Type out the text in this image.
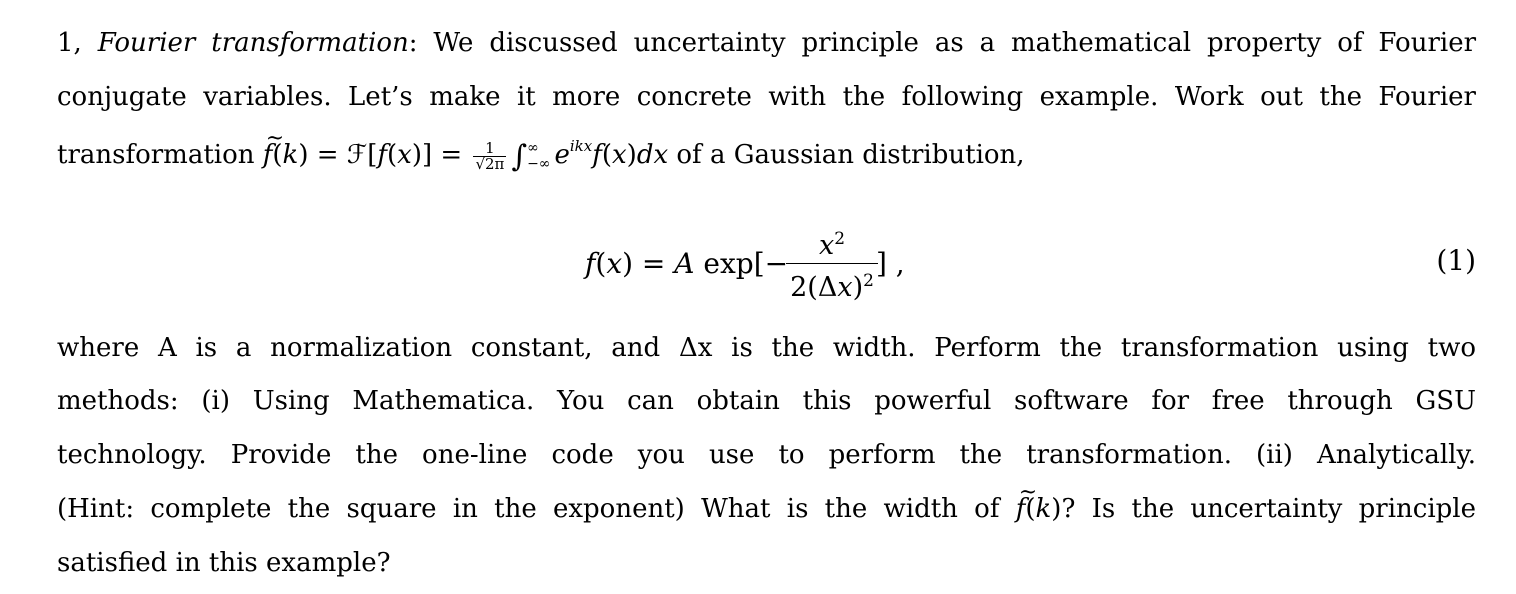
1, Fourier transformation: We discussed uncertainty principle as a mathematical property of Fourier
conjugate variables. Let’s make it more concrete with the following example. Work out the Fourier
transformation ~ f(k) = ℱ[f(x)] = $\frac{1}{√2\pi}$ ∫ ∞
−∞ $e^{ikx}f(x)dx$ of a Gaussian distribution,
f ( x ) = A $\exp[- \frac{x^2}{2(\Delta x)^2}$ ] ,	(1)
where A is a normalization constant, and Δx is the width. Perform the transformation using two
methods: (i) Using Mathematica. You can obtain this powerful software for free through GSU
technology. Provide the one-line code you use to perform the transformation. (ii) Analytically.
(Hint: complete the square in the exponent) What is the width of ~ f(k)? Is the uncertainty principle
satisfied in this example?
